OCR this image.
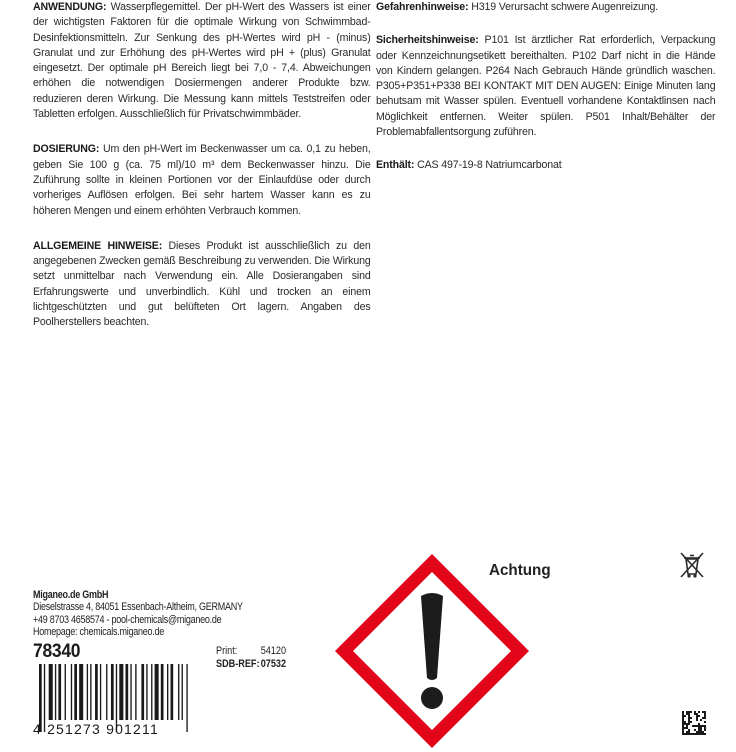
ANWENDUNG: Wasserpflegemittel. Der pH-Wert des Wassers ist einer der wichtigsten Faktoren für die optimale Wirkung von Schwimmbad-Desinfektionsmitteln. Zur Senkung des pH-Wertes wird pH - (minus) Granulat und zur Erhöhung des pH-Wertes wird pH + (plus) Granulat eingesetzt. Der optimale pH Bereich liegt bei 7,0 - 7,4. Abweichungen erhöhen die notwendigen Dosiermengen anderer Produkte bzw. reduzieren deren Wirkung. Die Messung kann mittels Teststreifen oder Tabletten erfolgen. Ausschließlich für Privatschwimmbäder.

DOSIERUNG: Um den pH-Wert im Beckenwasser um ca. 0,1 zu heben, geben Sie 100 g (ca. 75 ml)/10 m³ dem Beckenwasser hinzu. Die Zuführung sollte in kleinen Portionen vor der Einlaufdüse oder durch vorheriges Auflösen erfolgen. Bei sehr hartem Wasser kann es zu höheren Mengen und einem erhöhten Verbrauch kommen.

ALLGEMEINE HINWEISE: Dieses Produkt ist ausschließlich zu den angegebenen Zwecken gemäß Beschreibung zu verwenden. Die Wirkung setzt unmittelbar nach Verwendung ein. Alle Dosierangaben sind Erfahrungswerte und unverbindlich. Kühl und trocken an einem lichtgeschützten und gut belüfteten Ort lagern. Angaben des Poolherstellers beachten.

Gefahrenhinweise: H319 Verursacht schwere Augenreizung.

Sicherheitshinweise: P101 Ist ärztlicher Rat erforderlich, Verpackung oder Kennzeichnungsetikett bereithalten. P102 Darf nicht in die Hände von Kindern gelangen. P264 Nach Gebrauch Hände gründlich waschen. P305+P351+P338 BEI KONTAKT MIT DEN AUGEN: Einige Minuten lang behutsam mit Wasser spülen. Eventuell vorhandene Kontaktlinsen nach Möglichkeit entfernen. Weiter spülen. P501 Inhalt/Behälter der Problemabfallentsorgung zuführen.

Enthält: CAS 497-19-8 Natriumcarbonat

Miganeo.de GmbH
Dieselstrasse 4, 84051 Essenbach-Altheim, GERMANY
+49 8703 4658574 - pool-chemicals@miganeo.de
Homepage: chemicals.miganeo.de
78340	Print: 54120
SDB-REF:07532
4 251273 901211
Achtung
